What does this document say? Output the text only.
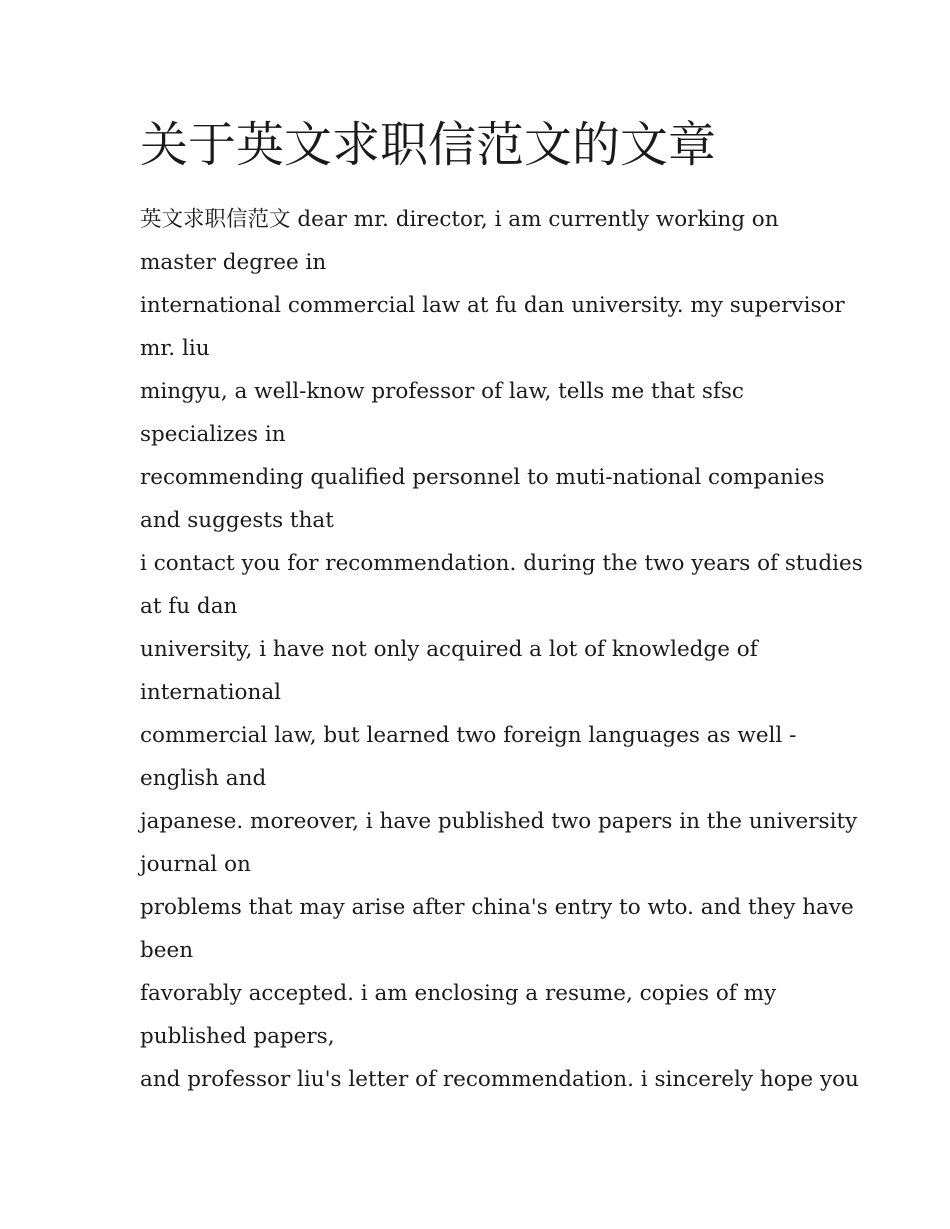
关于英文求职信范文的文章
英文求职信范文 dear mr. director, i am currently working on
master degree in
international commercial law at fu dan university. my supervisor
mr. liu
mingyu, a well-know professor of law, tells me that sfsc
specializes in
recommending qualified personnel to muti-national companies
and suggests that
i contact you for recommendation. during the two years of studies
at fu dan
university, i have not only acquired a lot of knowledge of
international
commercial law, but learned two foreign languages as well -
english and
japanese. moreover, i have published two papers in the university
journal on
problems that may arise after china's entry to wto. and they have
been
favorably accepted. i am enclosing a resume, copies of my
published papers,
and professor liu's letter of recommendation. i sincerely hope you
